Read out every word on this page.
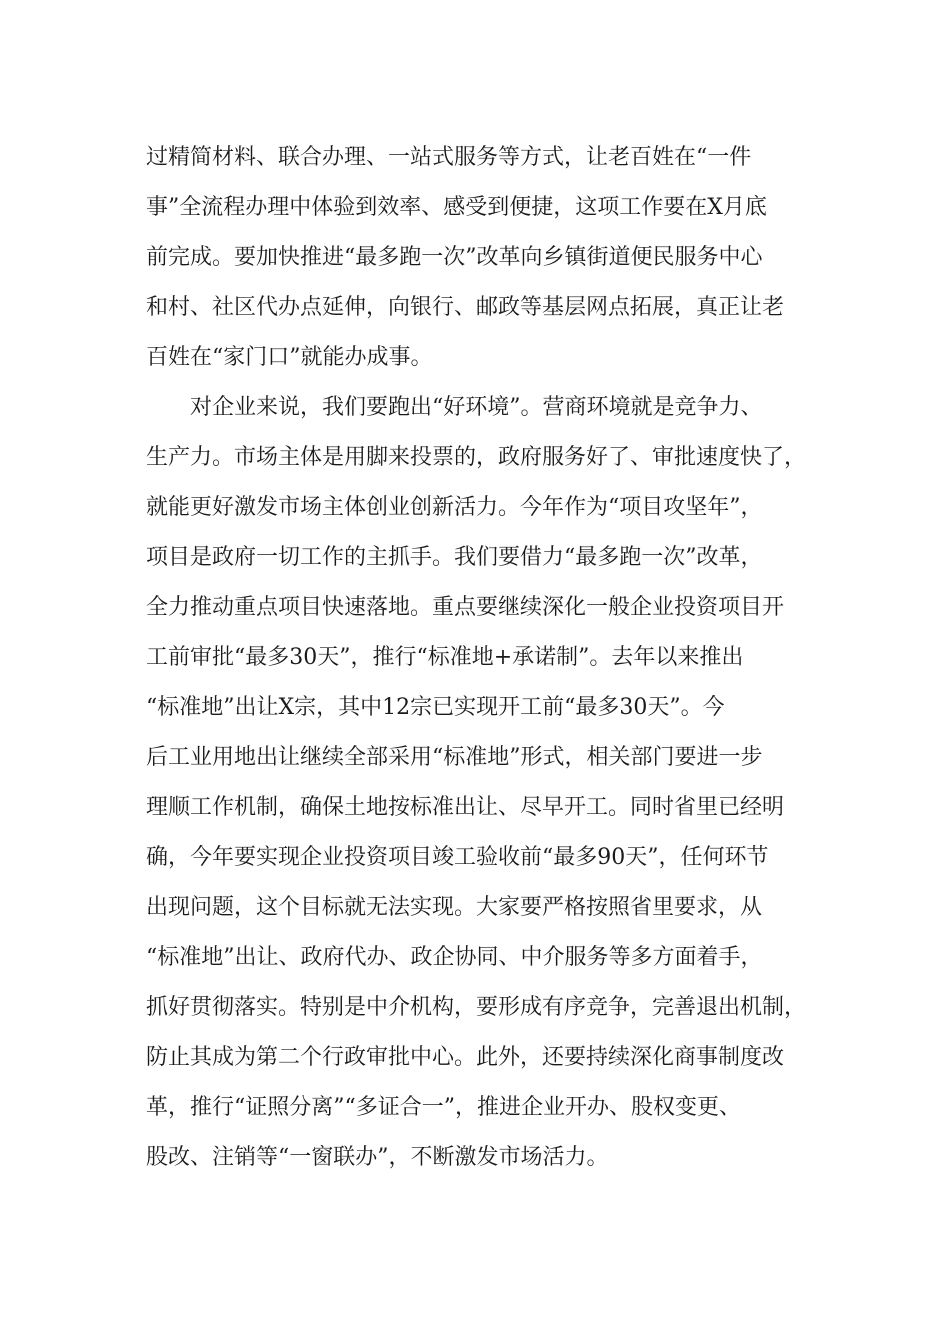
过精简材料、联合办理、一站式服务等方式，让老百姓在“一件
事”全流程办理中体验到效率、感受到便捷，这项工作要在X月底
前完成。要加快推进“最多跑一次”改革向乡镇街道便民服务中心
和村、社区代办点延伸，向银行、邮政等基层网点拓展，真正让老
百姓在“家门口”就能办成事。
对企业来说，我们要跑出“好环境”。营商环境就是竞争力、
生产力。市场主体是用脚来投票的，政府服务好了、审批速度快了，
就能更好激发市场主体创业创新活力。今年作为“项目攻坚年”，
项目是政府一切工作的主抓手。我们要借力“最多跑一次”改革，
全力推动重点项目快速落地。重点要继续深化一般企业投资项目开
工前审批“最多30天”，推行“标准地+承诺制”。去年以来推出
“标准地”出让X宗，其中12宗已实现开工前“最多30天”。今
后工业用地出让继续全部采用“标准地”形式，相关部门要进一步
理顺工作机制，确保土地按标准出让、尽早开工。同时省里已经明
确，今年要实现企业投资项目竣工验收前“最多90天”，任何环节
出现问题，这个目标就无法实现。大家要严格按照省里要求，从
“标准地”出让、政府代办、政企协同、中介服务等多方面着手，
抓好贯彻落实。特别是中介机构，要形成有序竞争，完善退出机制，
防止其成为第二个行政审批中心。此外，还要持续深化商事制度改
革，推行“证照分离”“多证合一”，推进企业开办、股权变更、
股改、注销等“一窗联办”，不断激发市场活力。
